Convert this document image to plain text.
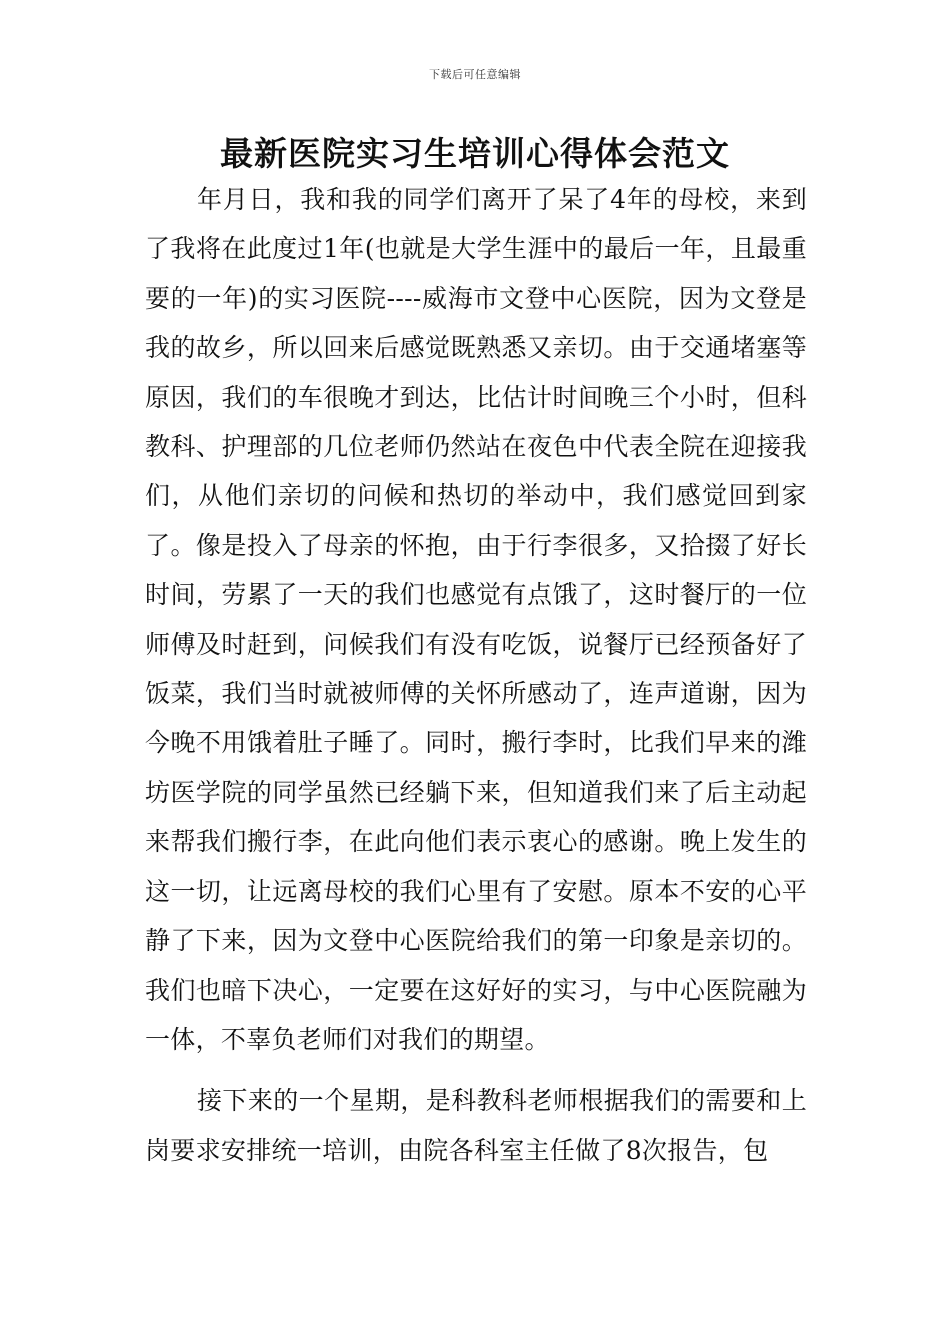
下载后可任意编辑
最新医院实习生培训心得体会范文

年月日，我和我的同学们离开了呆了4年的母校，来到了我将在此度过1年(也就是大学生涯中的最后一年，且最重要的一年)的实习医院----威海市文登中心医院，因为文登是我的故乡，所以回来后感觉既熟悉又亲切。由于交通堵塞等原因，我们的车很晚才到达，比估计时间晚三个小时，但科教科、护理部的几位老师仍然站在夜色中代表全院在迎接我们，从他们亲切的问候和热切的举动中，我们感觉回到家了。像是投入了母亲的怀抱，由于行李很多，又拾掇了好长时间，劳累了一天的我们也感觉有点饿了，这时餐厅的一位师傅及时赶到，问候我们有没有吃饭，说餐厅已经预备好了饭菜，我们当时就被师傅的关怀所感动了，连声道谢，因为今晚不用饿着肚子睡了。同时，搬行李时，比我们早来的潍坊医学院的同学虽然已经躺下来，但知道我们来了后主动起来帮我们搬行李，在此向他们表示衷心的感谢。晚上发生的这一切，让远离母校的我们心里有了安慰。原本不安的心平静了下来，因为文登中心医院给我们的第一印象是亲切的。我们也暗下决心，一定要在这好好的实习，与中心医院融为一体，不辜负老师们对我们的期望。

接下来的一个星期，是科教科老师根据我们的需要和上岗要求安排统一培训，由院各科室主任做了8次报告，包
